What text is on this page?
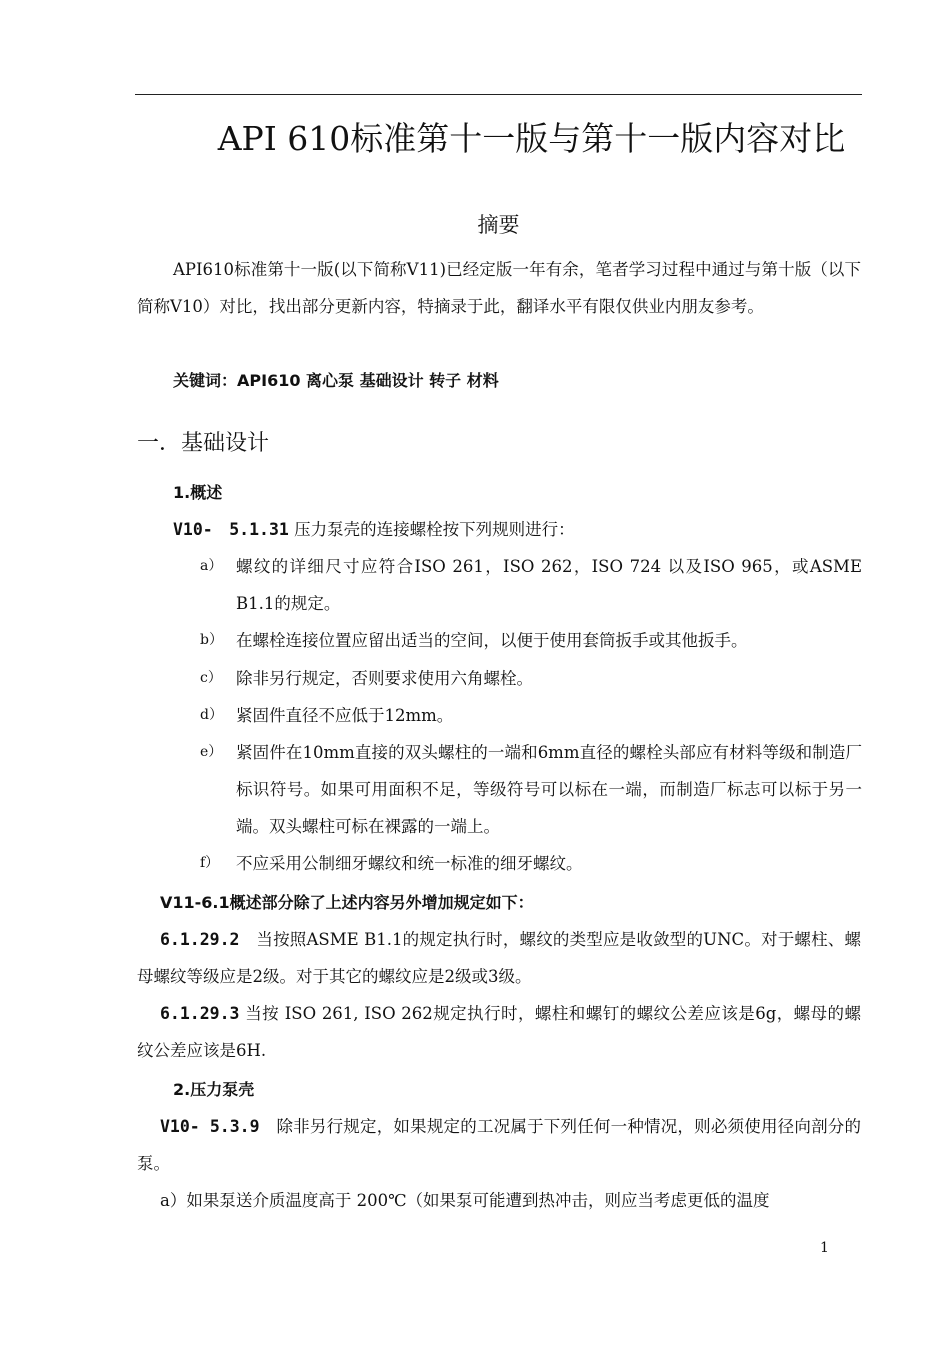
API 610标准第十一版与第十一版内容对比
摘要

API610标准第十一版(以下简称V11)已经定版一年有余，笔者学习过程中通过与第十版（以下简称V10）对比，找出部分更新内容，特摘录于此，翻译水平有限仅供业内朋友参考。

关键词：API610 离心泵 基础设计 转子 材料
一．基础设计
1.概述
V10-　5.1.31 压力泵壳的连接螺栓按下列规则进行：
a） 螺纹的详细尺寸应符合ISO 261，ISO 262，ISO 724 以及ISO 965，或ASME B1.1的规定。
b） 在螺栓连接位置应留出适当的空间，以便于使用套筒扳手或其他扳手。
c） 除非另行规定，否则要求使用六角螺栓。
d） 紧固件直径不应低于12mm。
e） 紧固件在10mm直接的双头螺柱的一端和6mm直径的螺栓头部应有材料等级和制造厂标识符号。如果可用面积不足，等级符号可以标在一端，而制造厂标志可以标于另一端。双头螺柱可标在裸露的一端上。
f）	不应采用公制细牙螺纹和统一标准的细牙螺纹。
V11-6.1概述部分除了上述内容另外增加规定如下：

6.1.29.2　 当按照ASME B1.1的规定执行时，螺纹的类型应是收敛型的UNC。对于螺柱、螺母螺纹等级应是2级。对于其它的螺纹应是2级或3级。

6.1.29.3 当按 ISO 261, ISO 262规定执行时，螺柱和螺钉的螺纹公差应该是6g，螺母的螺纹公差应该是6H.

2.压力泵壳

V10- 5.3.9　 除非另行规定，如果规定的工况属于下列任何一种情况，则必须使用径向剖分的泵。

a）如果泵送介质温度高于 200℃（如果泵可能遭到热冲击，则应当考虑更低的温度
1
